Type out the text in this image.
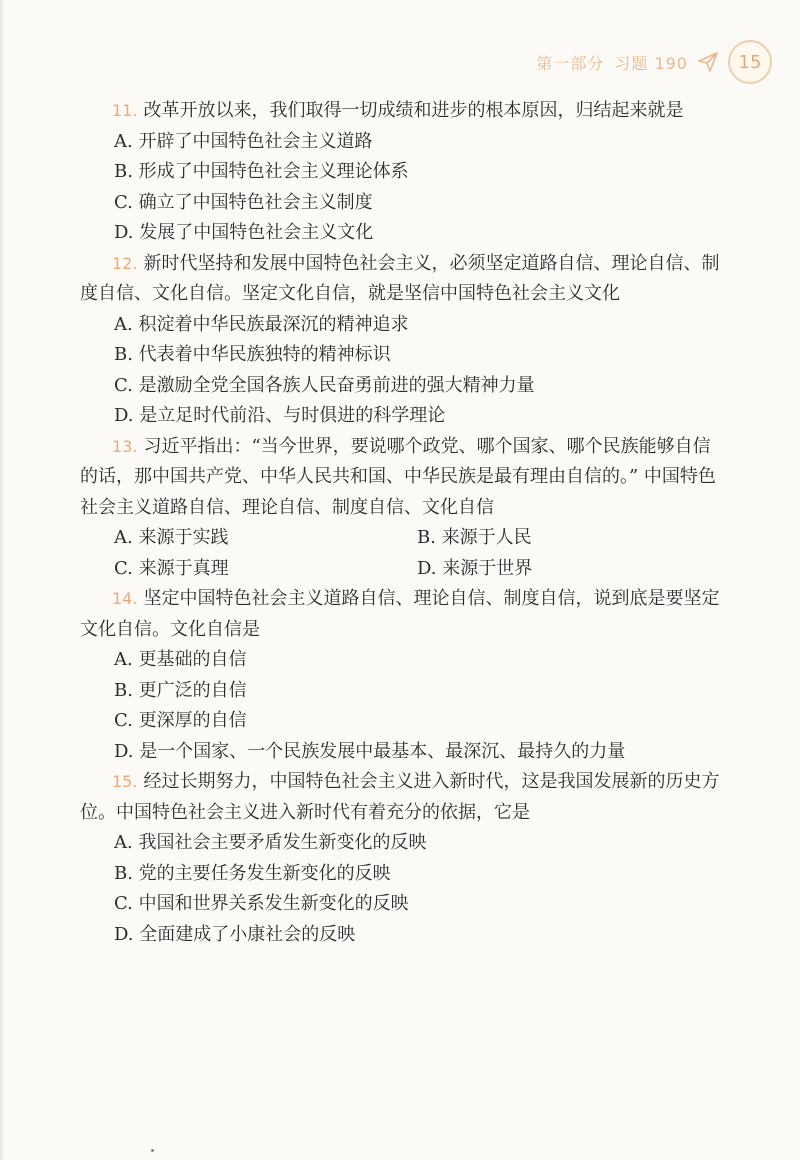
第一部分 习题 190	15
11. 改革开放以来，我们取得一切成绩和进步的根本原因，归结起来就是
A. 开辟了中国特色社会主义道路
B. 形成了中国特色社会主义理论体系
C. 确立了中国特色社会主义制度
D. 发展了中国特色社会主义文化
12. 新时代坚持和发展中国特色社会主义，必须坚定道路自信、理论自信、制度自信、文化自信。坚定文化自信，就是坚信中国特色社会主义文化
A. 积淀着中华民族最深沉的精神追求
B. 代表着中华民族独特的精神标识
C. 是激励全党全国各族人民奋勇前进的强大精神力量
D. 是立足时代前沿、与时俱进的科学理论
13. 习近平指出：“当今世界，要说哪个政党、哪个国家、哪个民族能够自信的话，那中国共产党、中华人民共和国、中华民族是最有理由自信的。” 中国特色社会主义道路自信、理论自信、制度自信、文化自信
A. 来源于实践	B. 来源于人民
C. 来源于真理	D. 来源于世界
14. 坚定中国特色社会主义道路自信、理论自信、制度自信，说到底是要坚定文化自信。文化自信是
A. 更基础的自信
B. 更广泛的自信
C. 更深厚的自信
D. 是一个国家、一个民族发展中最基本、最深沉、最持久的力量
15. 经过长期努力，中国特色社会主义进入新时代，这是我国发展新的历史方位。中国特色社会主义进入新时代有着充分的依据，它是
A. 我国社会主要矛盾发生新变化的反映
B. 党的主要任务发生新变化的反映
C. 中国和世界关系发生新变化的反映
D. 全面建成了小康社会的反映
